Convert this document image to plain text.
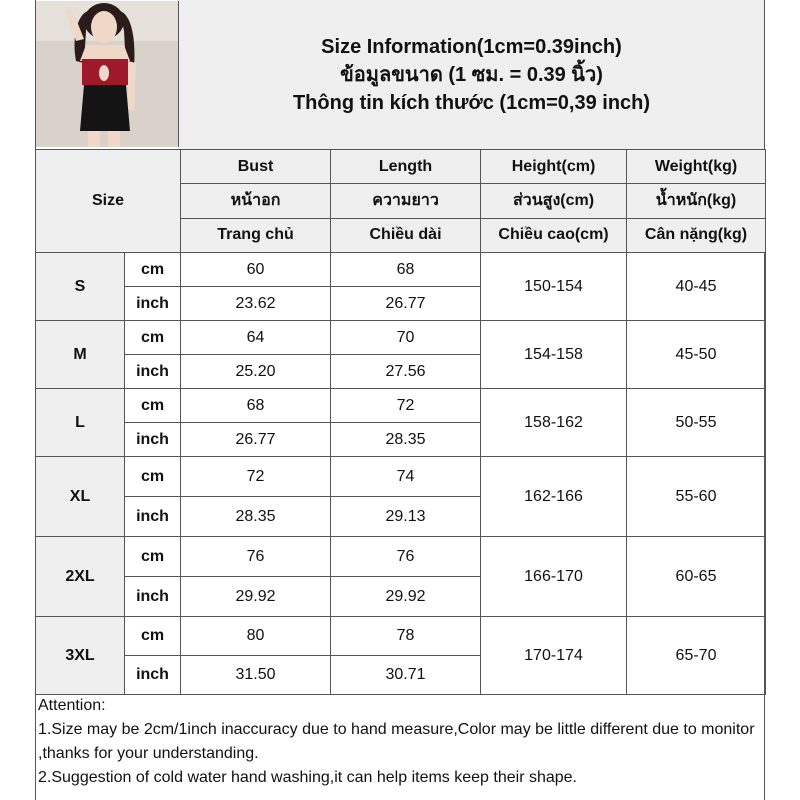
Size Information(1cm=0.39inch)
ข้อมูลขนาด (1 ซม. = 0.39 นิ้ว)
Thông tin kích thước (1cm=0,39 inch)
Size		Bust	Length	Height(cm)	Weight(kg)
		หน้าอก	ความยาว	ส่วนสูง(cm)	น้ำหนัก(kg)
		Trang chủ	Chiều dài	Chiều cao(cm)	Cân nặng(kg)
S	cm	60	68	150-154	40-45
	inch	23.62	26.77		
M	cm	64	70	154-158	45-50
	inch	25.20	27.56		
L	cm	68	72	158-162	50-55
	inch	26.77	28.35		
XL	cm	72	74	162-166	55-60
	inch	28.35	29.13		
2XL	cm	76	76	166-170	60-65
	inch	29.92	29.92		
3XL	cm	80	78	170-174	65-70
	inch	31.50	30.71		
Attention:
1.Size may be 2cm/1inch inaccuracy due to hand measure,Color may be little different due to monitor ,thanks for your understanding.
2.Suggestion of cold water hand washing,it can help items keep their shape.
